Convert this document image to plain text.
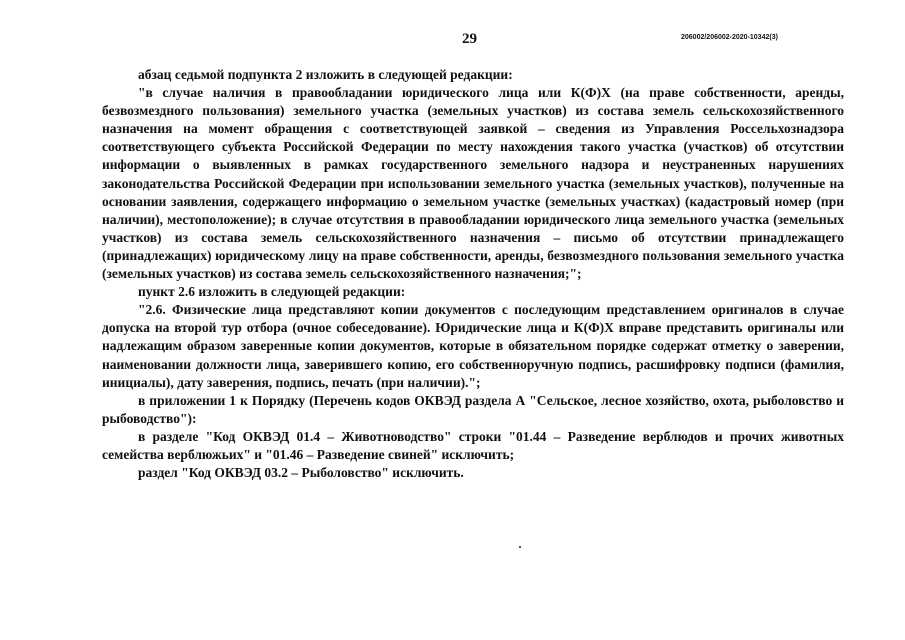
29	206002/206002-2020-10342(3)

абзац седьмой подпункта 2 изложить в следующей редакции:

"в случае наличия в правообладании юридического лица или К(Ф)Х (на праве собственности, аренды, безвозмездного пользования) земельного участка (земельных участков) из состава земель сельскохозяйственного назначения на момент обращения с соответствующей заявкой – сведения из Управления Россельхознадзора соответствующего субъекта Российской Федерации по месту нахождения такого участка (участков) об отсутствии информации о выявленных в рамках государственного земельного надзора и неустраненных нарушениях законодательства Российской Федерации при использовании земельного участка (земельных участков), полученные на основании заявления, содержащего информацию о земельном участке (земельных участках) (кадастровый номер (при наличии), местоположение); в случае отсутствия в правообладании юридического лица земельного участка (земельных участков) из состава земель сельскохозяйственного назначения – письмо об отсутствии принадлежащего (принадлежащих) юридическому лицу на праве собственности, аренды, безвозмездного пользования земельного участка (земельных участков) из состава земель сельскохозяйственного назначения;";

пункт 2.6 изложить в следующей редакции:

"2.6. Физические лица представляют копии документов с последующим представлением оригиналов в случае допуска на второй тур отбора (очное собеседование). Юридические лица и К(Ф)Х вправе представить оригиналы или надлежащим образом заверенные копии документов, которые в обязательном порядке содержат отметку о заверении, наименовании должности лица, заверившего копию, его собственноручную подпись, расшифровку подписи (фамилия, инициалы), дату заверения, подпись, печать (при наличии).";

в приложении 1 к Порядку (Перечень кодов ОКВЭД раздела А "Сельское, лесное хозяйство, охота, рыболовство и рыбоводство"):

в разделе "Код ОКВЭД 01.4 – Животноводство" строки "01.44 – Разведение верблюдов и прочих животных семейства верблюжьих" и "01.46 – Разведение свиней" исключить;

раздел "Код ОКВЭД 03.2 – Рыболовство" исключить.
